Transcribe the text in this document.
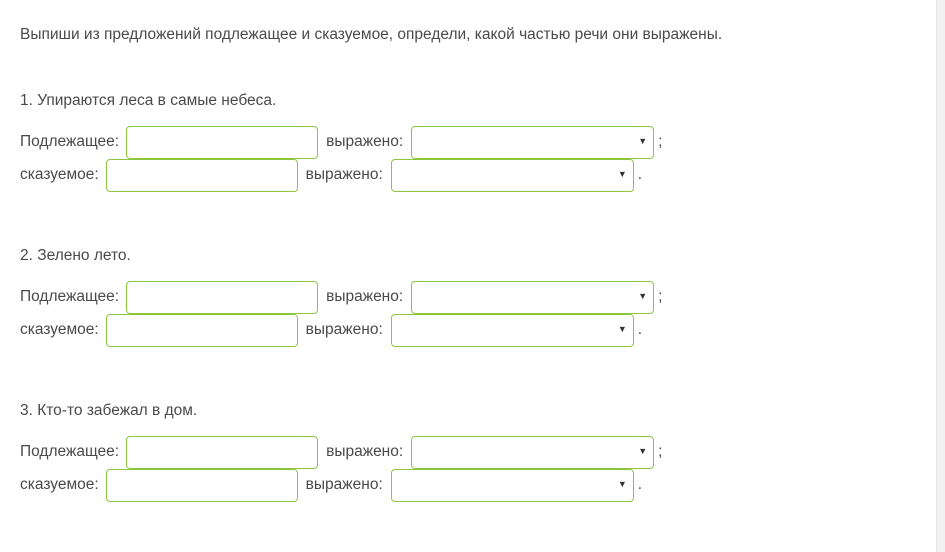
Выпиши из предложений подлежащее и сказуемое, определи, какой частью речи они выражены.
1. Упираются леса в самые небеса.
Подлежащее:	выражено:	▼ ;
сказуемое:	выражено:	▼ .
2. Зелено лето.
Подлежащее:	выражено:	▼ ;
сказуемое:	выражено:	▼ .
3. Кто-то забежал в дом.
Подлежащее:	выражено:	▼ ;
сказуемое:	выражено:	▼ .
